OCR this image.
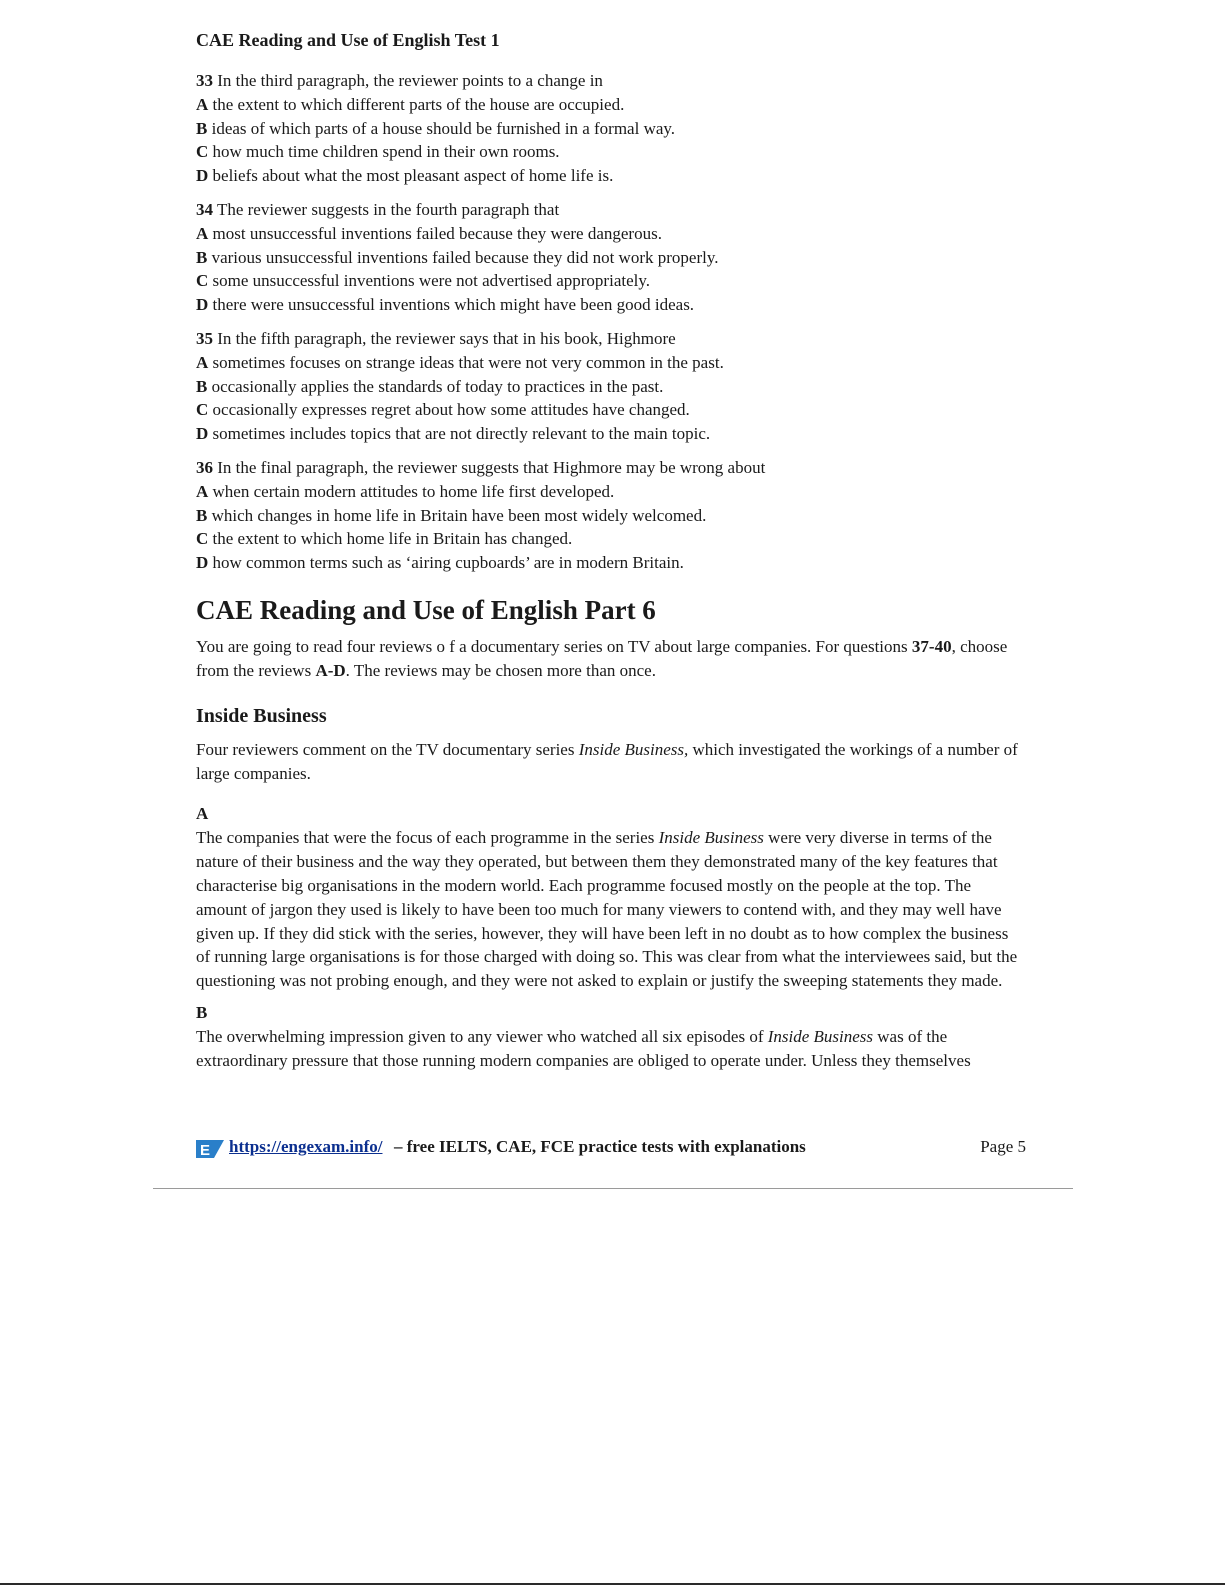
CAE Reading and Use of English Test 1
33 In the third paragraph, the reviewer points to a change in
A the extent to which different parts of the house are occupied.
B ideas of which parts of a house should be furnished in a formal way.
C how much time children spend in their own rooms.
D beliefs about what the most pleasant aspect of home life is.
34 The reviewer suggests in the fourth paragraph that
A most unsuccessful inventions failed because they were dangerous.
B various unsuccessful inventions failed because they did not work properly.
C some unsuccessful inventions were not advertised appropriately.
D there were unsuccessful inventions which might have been good ideas.
35 In the fifth paragraph, the reviewer says that in his book, Highmore
A sometimes focuses on strange ideas that were not very common in the past.
B occasionally applies the standards of today to practices in the past.
C occasionally expresses regret about how some attitudes have changed.
D sometimes includes topics that are not directly relevant to the main topic.
36 In the final paragraph, the reviewer suggests that Highmore may be wrong about
A when certain modern attitudes to home life first developed.
B which changes in home life in Britain have been most widely welcomed.
C the extent to which home life in Britain has changed.
D how common terms such as ‘airing cupboards’ are in modern Britain.
CAE Reading and Use of English Part 6
You are going to read four reviews o f a documentary series on TV about large companies. For questions 37-40, choose from the reviews A-D. The reviews may be chosen more than once.
Inside Business
Four reviewers comment on the TV documentary series Inside Business, which investigated the workings of a number of large companies.
A
The companies that were the focus of each programme in the series Inside Business were very diverse in terms of the nature of their business and the way they operated, but between them they demonstrated many of the key features that characterise big organisations in the modern world. Each programme focused mostly on the people at the top. The amount of jargon they used is likely to have been too much for many viewers to contend with, and they may well have given up. If they did stick with the series, however, they will have been left in no doubt as to how complex the business of running large organisations is for those charged with doing so. This was clear from what the interviewees said, but the questioning was not probing enough, and they were not asked to explain or justify the sweeping statements they made.
B
The overwhelming impression given to any viewer who watched all six episodes of Inside Business was of the extraordinary pressure that those running modern companies are obliged to operate under. Unless they themselves
E https://engexam.info/ – free IELTS, CAE, FCE practice tests with explanations	Page 5
